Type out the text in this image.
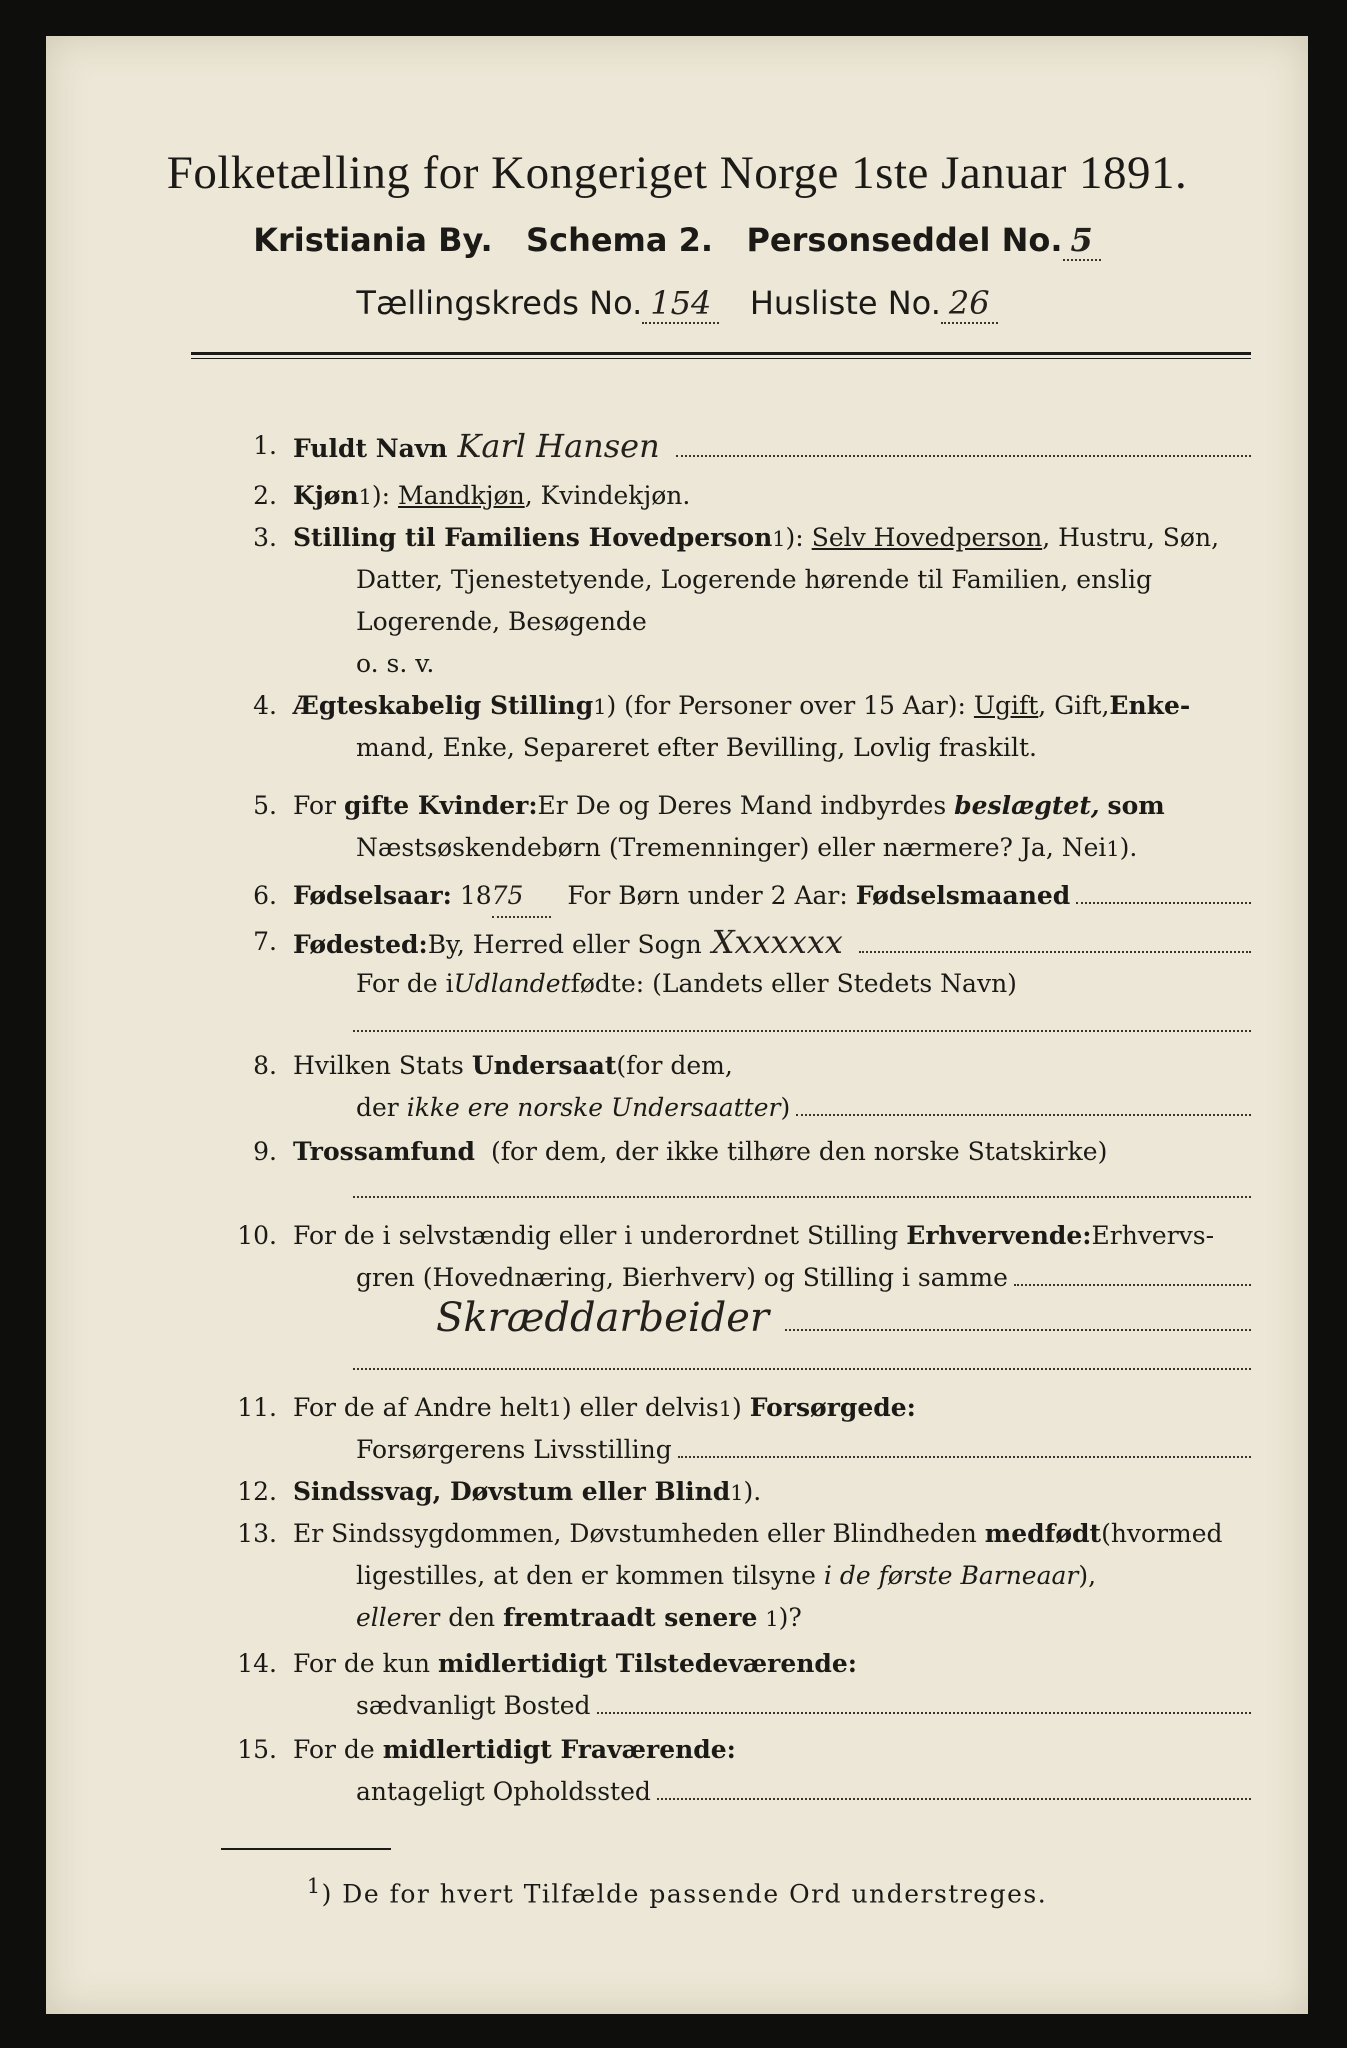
Folketælling for Kongeriget Norge 1ste Januar 1891.
Kristiania By. Schema 2. Personseddel No. 5
Tællingskreds No. 154 Husliste No. 26
1. Fuldt Navn Karl Hansen
2. Kjøn 1 ):
Mandkjøn , Kvindekjøn.
3. Stilling til Familiens Hovedperson 1 ):
Selv Hovedperson , Hustru, Søn,
Datter, Tjenestetyende, Logerende hørende til Familien, enslig
Logerende, Besøgende
o. s. v.
4. Ægteskabelig Stilling 1 ) (for Personer over 15 Aar):
Ugift , Gift, Enke-
mand, Enke, Separeret efter Bevilling, Lovlig fraskilt.
5. For
gifte Kvinder: Er De og Deres Mand indbyrdes
beslægtet,
som
Næstsøskendebørn (Tremenninger) eller nærmere? Ja, Nei 1 ).
6. Fødselsaar:
18 75
	For Børn under 2 Aar:
Fødselsmaaned
7. Fødested: By, Herred eller Sogn Xxxxxxx
For de i Udlandet fødte: (Landets eller Stedets Navn)
8. Hvilken Stats
Undersaat (for dem,
der
ikke ere norske Undersaatter )
9. Trossamfund
(for dem, der ikke tilhøre den norske Statskirke)
10. For de i selvstændig eller i underordnet Stilling
Erhvervende: Erhvervs-
gren (Hovednæring, Bierhverv) og Stilling i samme
Skræddarbeider
11. For de af Andre helt 1 ) eller delvis 1 )
Forsørgede:
Forsørgerens Livsstilling
12. Sindssvag, Døvstum eller Blind 1 ).
13. Er Sindssygdommen, Døvstumheden eller Blindheden
medfødt (hvormed
ligestilles, at den er kommen tilsyne
i de første Barneaar ),
eller er den
fremtraadt senere
1 )?
14. For de kun
midlertidigt Tilstedeværende:
sædvanligt Bosted
15. For de
midlertidigt Fraværende:
antageligt Opholdssted
$^1$) De for hvert Tilfælde passende Ord understreges.
